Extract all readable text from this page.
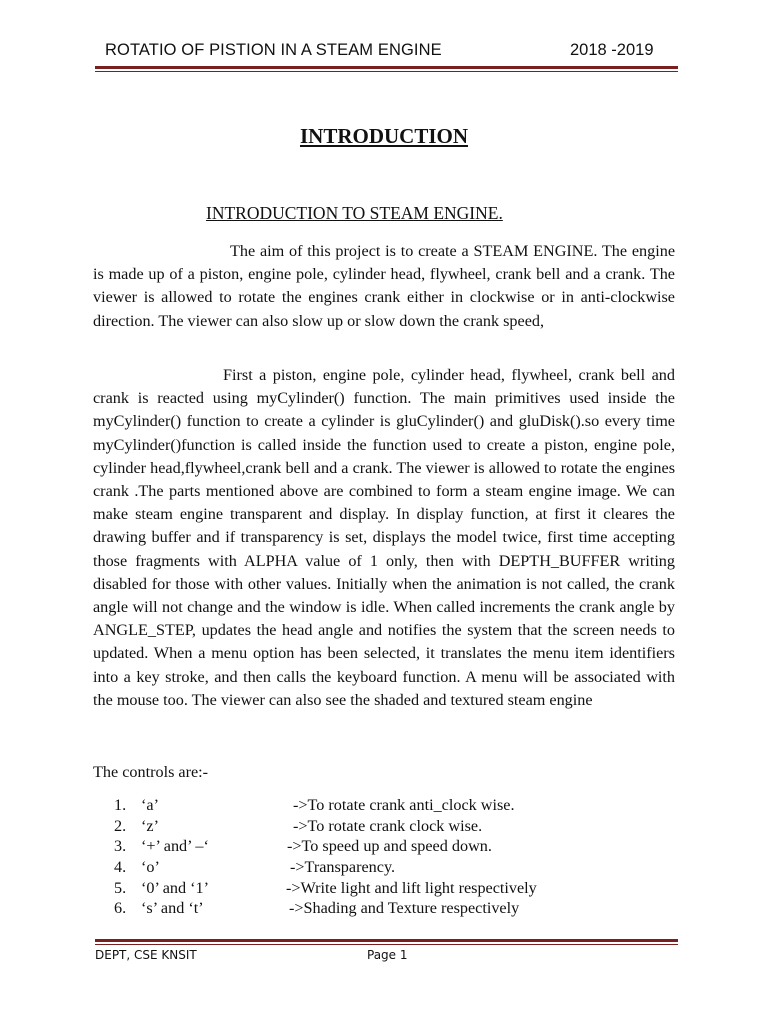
ROTATIO OF PISTION IN A STEAM ENGINE	2018 -2019
INTRODUCTION
INTRODUCTION TO STEAM ENGINE.

The aim of this project is to create a STEAM ENGINE. The engine is made up of a piston, engine pole, cylinder head, flywheel, crank bell and a crank. The viewer is allowed to rotate the engines crank either in clockwise or in anti-clockwise direction. The viewer can also slow up or slow down the crank speed,

First a piston, engine pole, cylinder head, flywheel, crank bell and crank is reacted using myCylinder() function. The main primitives used inside the myCylinder() function to create a cylinder is gluCylinder() and gluDisk().so every time myCylinder()function is called inside the function used to create a piston, engine pole, cylinder head,flywheel,crank bell and a crank. The viewer is allowed to rotate the engines crank .The parts mentioned above are combined to form a steam engine image. We can make steam engine transparent and display. In display function, at first it cleares the drawing buffer and if transparency is set, displays the model twice, first time accepting those fragments with ALPHA value of 1 only, then with DEPTH_BUFFER writing disabled for those with other values. Initially when the animation is not called, the crank angle will not change and the window is idle. When called increments the crank angle by ANGLE_STEP, updates the head angle and notifies the system that the screen needs to updated. When a menu option has been selected, it translates the menu item identifiers into a key stroke, and then calls the keyboard function. A menu will be associated with the mouse too. The viewer can also see the shaded and textured steam engine

The controls are:-
1. ‘a’	->To rotate crank anti_clock wise.
2. ‘z’	->To rotate crank clock wise.
3. ‘+’ and’ –‘	->To speed up and speed down.
4. ‘o’	->Transparency.
5. ‘0’ and ‘1’	->Write light and lift light respectively
6. ‘s’ and ‘t’	->Shading and Texture respectively
DEPT, CSE KNSIT	Page 1
